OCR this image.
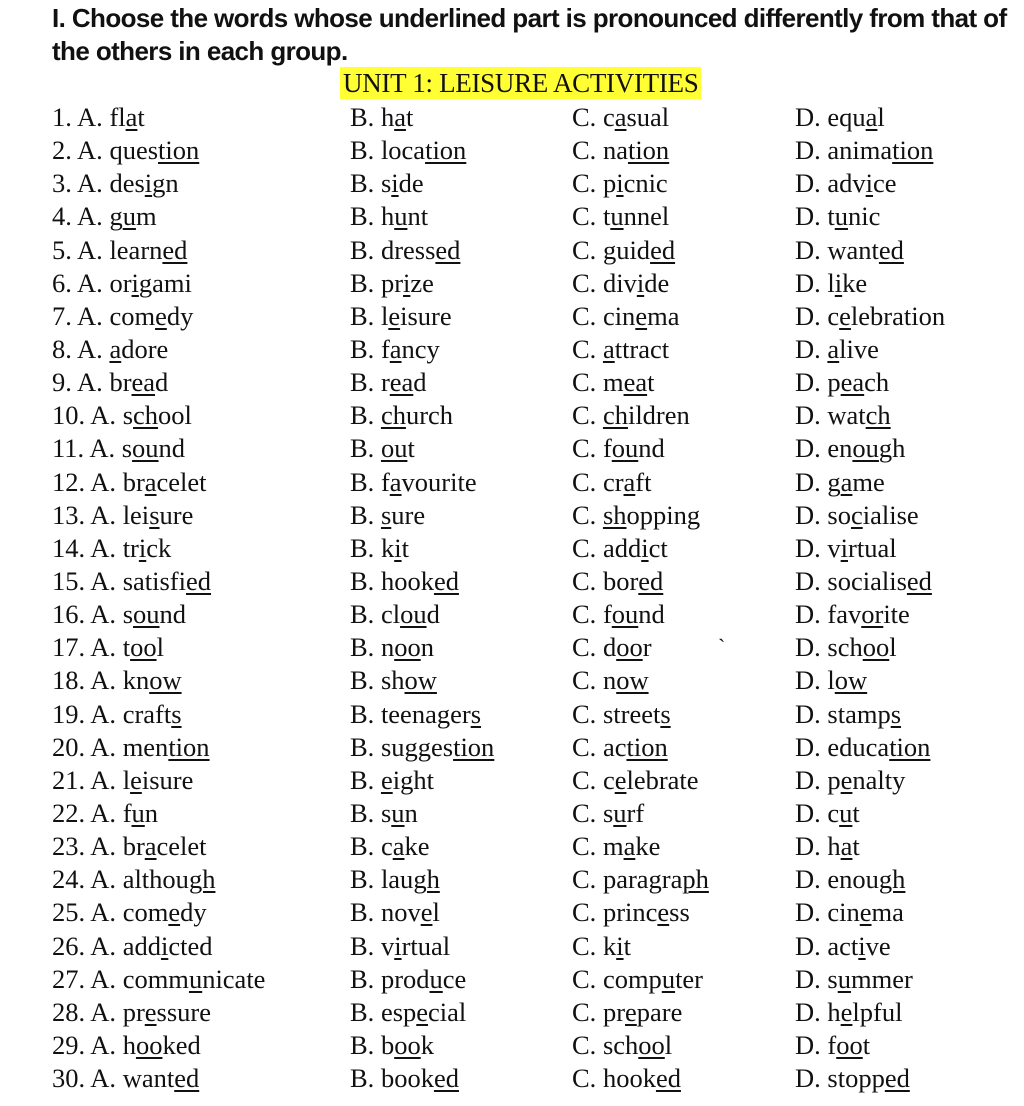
I. Choose the words whose underlined part is pronounced differently from that of the others in each group.
UNIT 1: LEISURE ACTIVITIES
`
1. A. flat	B. hat	C. casual	D. equal
2. A. question	B. location	C. nation	D. animation
3. A. design	B. side	C. picnic	D. advice
4. A. gum	B. hunt	C. tunnel	D. tunic
5. A. learned	B. dressed	C. guided	D. wanted
6. A. origami	B. prize	C. divide	D. like
7. A. comedy	B. leisure	C. cinema	D. celebration
8. A. adore	B. fancy	C. attract	D. alive
9. A. bread	B. read	C. meat	D. peach
10. A. school	B. church	C. children	D. watch
11. A. sound	B. out	C. found	D. enough
12. A. bracelet	B. favourite	C. craft	D. game
13. A. leisure	B. sure	C. shopping	D. socialise
14. A. trick	B. kit	C. addict	D. virtual
15. A. satisfied	B. hooked	C. bored	D. socialised
16. A. sound	B. cloud	C. found	D. favorite
17. A. tool	B. noon	C. door	D. school
18. A. know	B. show	C. now	D. low
19. A. crafts	B. teenagers	C. streets	D. stamps
20. A. mention	B. suggestion	C. action	D. education
21. A. leisure	B. eight	C. celebrate	D. penalty
22. A. fun	B. sun	C. surf	D. cut
23. A. bracelet	B. cake	C. make	D. hat
24. A. although	B. laugh	C. paragraph	D. enough
25. A. comedy	B. novel	C. princess	D. cinema
26. A. addicted	B. virtual	C. kit	D. active
27. A. communicate	B. produce	C. computer	D. summer
28. A. pressure	B. especial	C. prepare	D. helpful
29. A. hooked	B. book	C. school	D. foot
30. A. wanted	B. booked	C. hooked	D. stopped
